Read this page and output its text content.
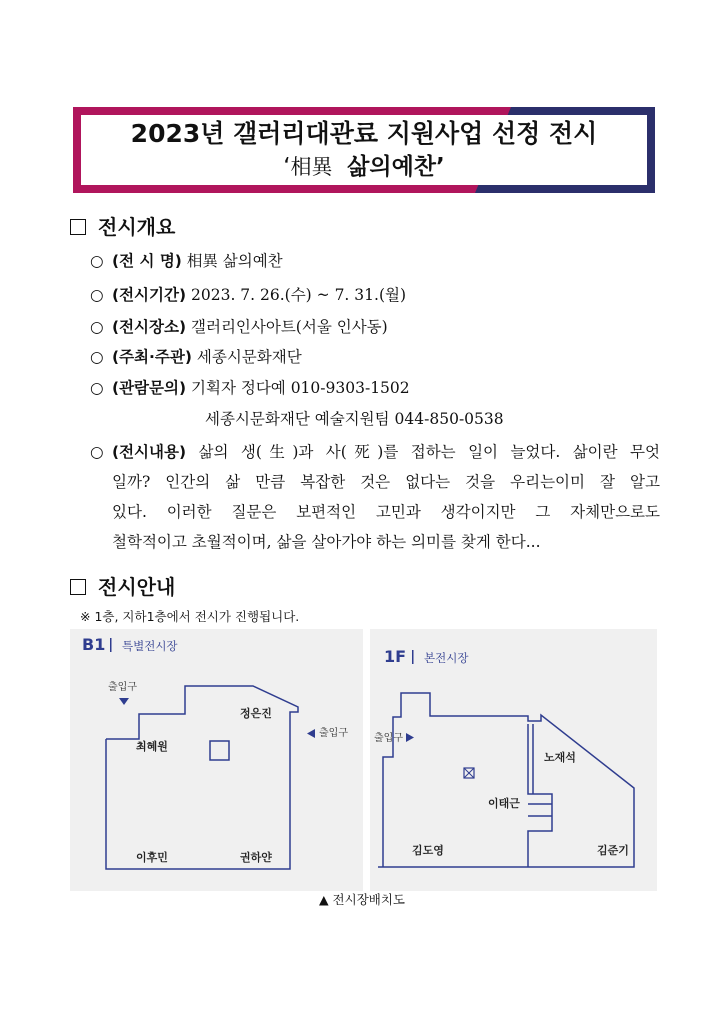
2023년 갤러리대관료 지원사업 선정 전시
‘相異 삶의예찬’
전시개요
○ (전 시 명) 相異 삶의예찬
○ (전시기간) 2023. 7. 26.(수) ~ 7. 31.(월)
○ (전시장소) 갤러리인사아트(서울 인사동)
○ (주최·주관) 세종시문화재단
○ (관람문의) 기획자 정다예 010-9303-1502
세종시문화재단 예술지원팀 044-850-0538
○ (전시내용) 삶의 생(生)과 사(死)를 접하는 일이 늘었다. 삶이란 무엇
일까? 인간의 삶 만큼 복잡한 것은 없다는 것을 우리는이미 잘 알고
있다. 이러한 질문은 보편적인 고민과 생각이지만 그 자체만으로도
철학적이고 초월적이며, 삶을 살아가야 하는 의미를 찾게 한다...
전시안내
※ 1층, 지하1층에서 전시가 진행됩니다.
B1 특별전시장
출입구
출입구
정은진
최혜원
이후민	권하얀
1F 본전시장
출입구
노재석
이태근
김도영	김준기
▲ 전시장배치도
